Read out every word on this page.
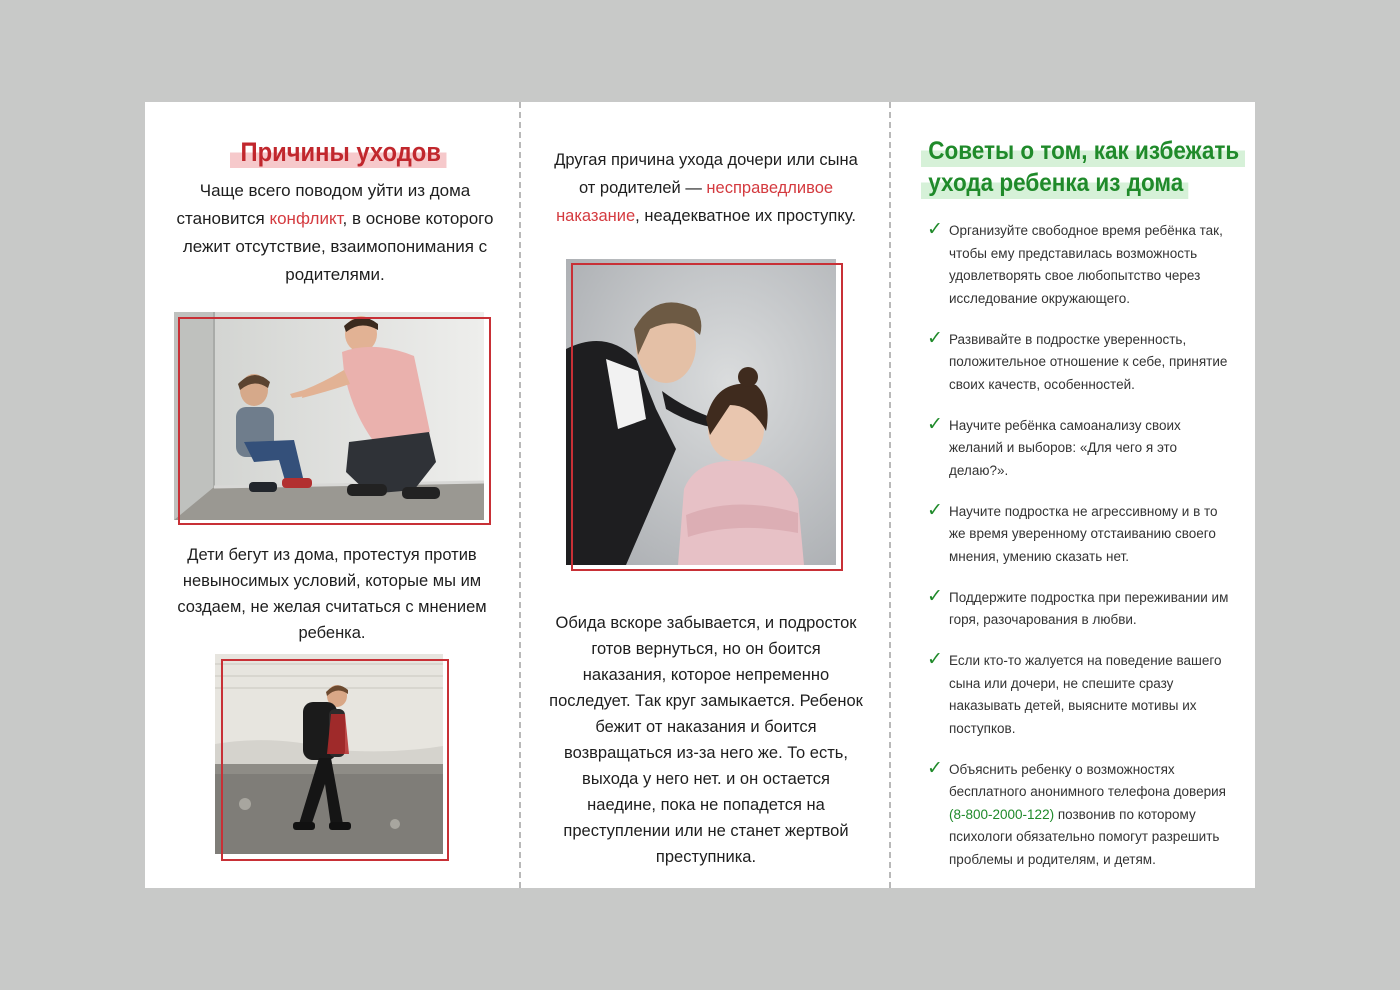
Причины уходов
Чаще всего поводом уйти из дома становится конфликт, в основе которого лежит отсутствие, взаимопонимания с родителями.
Дети бегут из дома, протестуя против невыносимых условий, которые мы им создаем, не желая считаться с мнением ребенка.
Другая причина ухода дочери или сына от родителей — несправедливое наказание, неадекватное их проступку.
Обида вскоре забывается, и подросток готов вернуться, но он боится наказания, которое непременно последует. Так круг замыкается. Ребенок бежит от наказания и боится возвращаться из-за него же. То есть, выхода у него нет. и он остается наедине, пока не попадется на преступлении или не станет жертвой преступника.
Советы о том, как избежать
ухода ребенка из дома
✓ Организуйте свободное время ребёнка так, чтобы ему представилась возможность удовлетворять свое любопытство через исследование окружающего.
✓ Развивайте в подростке уверенность, положительное отношение к себе, принятие своих качеств, особенностей.
✓ Научите ребёнка самоанализу своих желаний и выборов: «Для чего я это делаю?».
✓ Научите подростка не агрессивному и в то же время уверенному отстаиванию своего мнения, умению сказать нет.
✓ Поддержите подростка при переживании им горя, разочарования в любви.
✓ Если кто-то жалуется на поведение вашего сына или дочери, не спешите сразу наказывать детей, выясните мотивы их поступков.
✓ Объяснить ребенку о возможностях бесплатного анонимного телефона доверия (8-800-2000-122) позвонив по которому психологи обязательно помогут разрешить проблемы и родителям, и детям.
